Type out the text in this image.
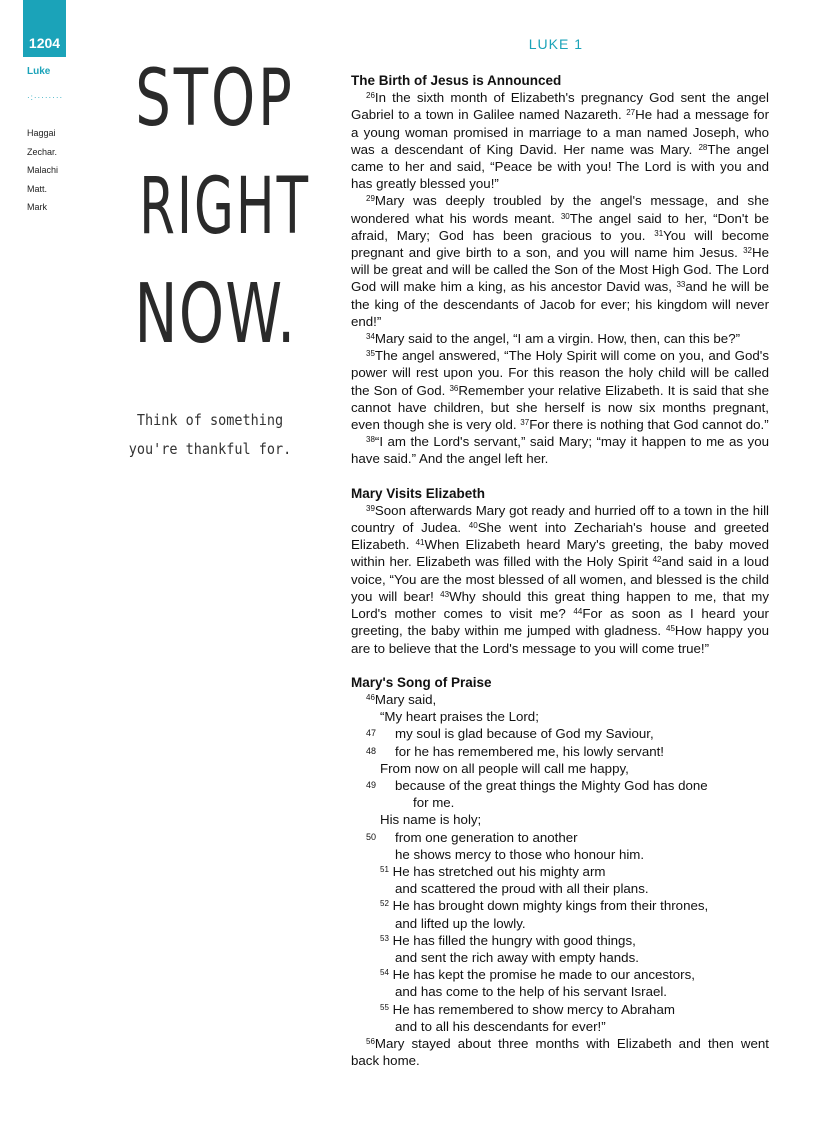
1204	LUKE 1
Luke
·:········
Haggai
Zechar.
Malachi
Matt.
Mark
STOP
RIGHT
NOW.
Think of something
you're thankful for.
The Birth of Jesus is Announced

$^{26}$In the sixth month of Elizabeth's pregnancy God sent the angel Gabriel to a town in Galilee named Nazareth. $^{27}$He had a message for a young woman promised in marriage to a man named Joseph, who was a descendant of King David. Her name was Mary. $^{28}$The angel came to her and said, “Peace be with you! The Lord is with you and has greatly blessed you!”

$^{29}$Mary was deeply troubled by the angel's message, and she wondered what his words meant. $^{30}$The angel said to her, “Don't be afraid, Mary; God has been gracious to you. $^{31}$You will become pregnant and give birth to a son, and you will name him Jesus. $^{32}$He will be great and will be called the Son of the Most High God. The Lord God will make him a king, as his ancestor David was, $^{33}$and he will be the king of the descendants of Jacob for ever; his kingdom will never end!”

$^{34}$Mary said to the angel, “I am a virgin. How, then, can this be?”

$^{35}$The angel answered, “The Holy Spirit will come on you, and God's power will rest upon you. For this reason the holy child will be called the Son of God. $^{36}$Remember your relative Elizabeth. It is said that she cannot have children, but she herself is now six months pregnant, even though she is very old. $^{37}$For there is nothing that God cannot do.”

$^{38}$“I am the Lord's servant,” said Mary; “may it happen to me as you have said.” And the angel left her.

Mary Visits Elizabeth

$^{39}$Soon afterwards Mary got ready and hurried off to a town in the hill country of Judea. $^{40}$She went into Zechariah's house and greeted Elizabeth. $^{41}$When Elizabeth heard Mary's greeting, the baby moved within her. Elizabeth was filled with the Holy Spirit $^{42}$and said in a loud voice, “You are the most blessed of all women, and blessed is the child you will bear! $^{43}$Why should this great thing happen to me, that my Lord's mother comes to visit me? $^{44}$For as soon as I heard your greeting, the baby within me jumped with gladness. $^{45}$How happy you are to believe that the Lord's message to you will come true!”

Mary's Song of Praise
$^{46}$Mary said,
“My heart praises the Lord;
47 my soul is glad because of God my Saviour,
48 for he has remembered me, his lowly servant!
From now on all people will call me happy,
49 because of the great things the Mighty God has done
for me.
His name is holy;
50 from one generation to another
he shows mercy to those who honour him.
$^{51}$ He has stretched out his mighty arm
and scattered the proud with all their plans.
$^{52}$ He has brought down mighty kings from their thrones,
and lifted up the lowly.
$^{53}$ He has filled the hungry with good things,
and sent the rich away with empty hands.
$^{54}$ He has kept the promise he made to our ancestors,
and has come to the help of his servant Israel.
$^{55}$ He has remembered to show mercy to Abraham
and to all his descendants for ever!”

$^{56}$Mary stayed about three months with Elizabeth and then went back home.
